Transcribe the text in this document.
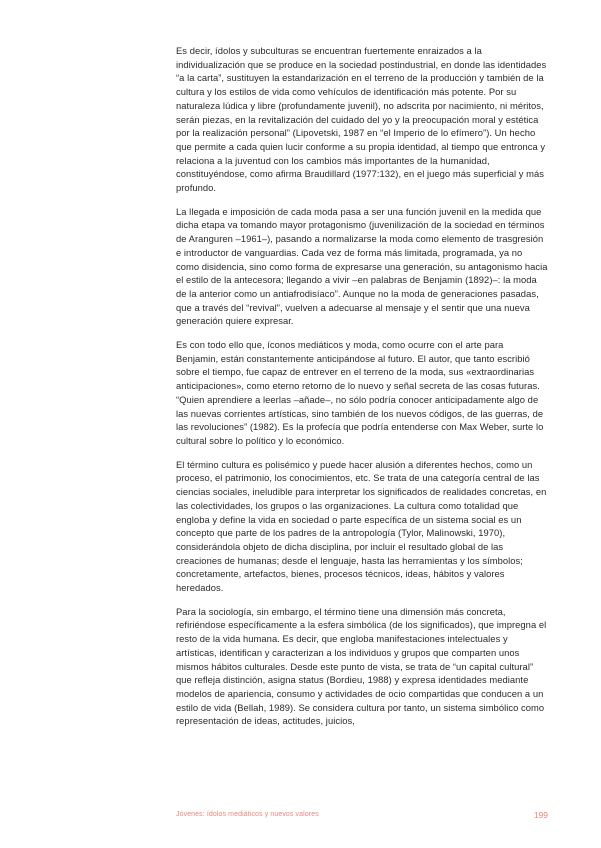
Es decir, ídolos y subculturas se encuentran fuertemente enraizados a la individualización que se produce en la sociedad postindustrial, en donde las identidades “a la carta”, sustituyen la estandarización en el terreno de la producción y también de la cultura y los estilos de vida como vehículos de identificación más potente. Por su naturaleza lúdica y libre (profundamente juvenil), no adscrita por nacimiento, ni méritos, serán piezas, en la revitalización del cuidado del yo y la preocupación moral y estética por la realización personal” (Lipovetski, 1987 en “el Imperio de lo efímero”). Un hecho que permite a cada quien lucir conforme a su propia identidad, al tiempo que entronca y relaciona a la juventud con los cambios más importantes de la humanidad, constituyéndose, como afirma Braudillard (1977:132), en el juego más superficial y más profundo.

La llegada e imposición de cada moda pasa a ser una función juvenil en la medida que dicha etapa va tomando mayor protagonismo (juvenilización de la sociedad en términos de Aranguren –1961–), pasando a normalizarse la moda como elemento de trasgresión e introductor de vanguardias. Cada vez de forma más limitada, programada, ya no como disidencia, sino como forma de expresarse una generación, su antagonismo hacia el estilo de la antecesora; llegando a vivir –en palabras de Benjamin (1892)–: la moda de la anterior como un antiafrodisíaco”. Aunque no la moda de generaciones pasadas, que a través del “revival”, vuelven a adecuarse al mensaje y el sentir que una nueva generación quiere expresar.

Es con todo ello que, íconos mediáticos y moda, como ocurre con el arte para Benjamin, están constantemente anticipándose al futuro. El autor, que tanto escribió sobre el tiempo, fue capaz de entrever en el terreno de la moda, sus «extraordinarias anticipaciones», como eterno retorno de lo nuevo y señal secreta de las cosas futuras. “Quien aprendiere a leerlas –añade–, no sólo podría conocer anticipadamente algo de las nuevas corrientes artísticas, sino también de los nuevos códigos, de las guerras, de las revoluciones” (1982). Es la profecía que podría entenderse con Max Weber, surte lo cultural sobre lo político y lo económico.

El término cultura es polisémico y puede hacer alusión a diferentes hechos, como un proceso, el patrimonio, los conocimientos, etc. Se trata de una categoría central de las ciencias sociales, ineludible para interpretar los significados de realidades concretas, en las colectividades, los grupos o las organizaciones. La cultura como totalidad que engloba y define la vida en sociedad o parte específica de un sistema social es un concepto que parte de los padres de la antropología (Tylor, Malinowski, 1970), considerándola objeto de dicha disciplina, por incluir el resultado global de las creaciones de humanas; desde el lenguaje, hasta las herramientas y los símbolos; concretamente, artefactos, bienes, procesos técnicos, ideas, hábitos y valores heredados.

Para la sociología, sin embargo, el término tiene una dimensión más concreta, refiriéndose específicamente a la esfera simbólica (de los significados), que impregna el resto de la vida humana. Es decir, que engloba manifestaciones intelectuales y artísticas, identifican y caracterizan a los individuos y grupos que comparten unos mismos hábitos culturales. Desde este punto de vista, se trata de “un capital cultural” que refleja distinción, asigna status (Bordieu, 1988) y expresa identidades mediante modelos de apariencia, consumo y actividades de ocio compartidas que conducen a un estilo de vida (Bellah, 1989). Se considera cultura por tanto, un sistema simbólico como representación de ideas, actitudes, juicios,

Jóvenes: ídolos mediáticos y nuevos valores	199
